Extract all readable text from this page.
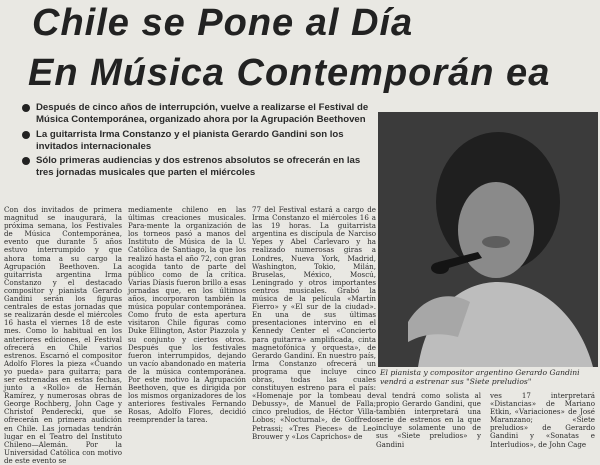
Chile se Pone al Día
En Música Contemporán ea
Después de cinco años de interrupción, vuelve a realizarse el Festival de Música Contemporánea, organizado ahora por la Agrupación Beethoven
La guitarrista Irma Constanzo y el pianista Gerardo Gandini son los invitados internacionales
Sólo primeras audiencias y dos estrenos absolutos se ofrecerán en las tres jornadas musicales que parten el miércoles

Con dos invitados de primera magnitud se inaugurará, la próxima semana, los Festivales de Música Contemporánea, evento que durante 5 años estuvo interrumpido y que ahora toma a su cargo la Agrupación Beethoven. La guitarrista argentina Irma Constanzo y el destacado compositor y pianista Gerardo Gandini serán los figuras centrales de estas jornadas que se realizarán desde el miércoles 16 hasta el viernes 18 de este mes. Como lo habitual en los anteriores ediciones, el Festival ofrecerá en Chile varios estrenos. Escarnó el compositor Adolfo Flores la pieza «Cuando yo pueda» para guitarra; para ser estrenadas en estas fechas, junto a «Rollo» de Hernán Ramírez, y numerosas obras de George Rochberg, John Cage y Christof Penderecki, que se ofrecerán en primera audición en Chile. Las jornadas tendrán lugar en el Teatro del Instituto Chileno—Alemán. Por la Universidad Católica con motivo de este evento se

mediamente chileno en las últimas creaciones musicales. Para-mente la organización de los torneos pasó a manos del Instituto de Música de la U. Católica de Santiago, la que los realizó hasta el año 72, con gran acogida tanto de parte del público como de la crítica. Varias Díasis fueron brillo a esas jornadas que, en los últimos años, incorporaron también la música popular contemporánea. Como fruto de esta apertura visitaron Chile figuras como Duke Ellington, Astor Piazzola y su conjunto y ciertos otros. Después que los festivales fueron interrumpidos, dejando un vacío abandonado en materia de la música contemporánea. Por este motivo la Agrupación Beethoven, que es dirigida por los mismos organizadores de los anteriores festivales Fernando Rosas, Adolfo Flores, decidió reemprender la tarea.

77 del Festival estará a cargo de Irma Constanzo el miércoles 16 a las 19 horas. La guitarrista argentina es discípula de Narciso Yepes y Abel Carlevaro y ha realizado numerosas giras a Londres, Nueva York, Madrid, Washington, Tokio, Milán, Bruselas, México, Moscú, Leningrado y otros importantes centros musicales. Grabó la música de la película «Martín Fierro» y «El sur de la ciudad». En una de sus últimas presentaciones intervino en el Kennedy Center el «Concierto para guitarra» amplificada, cinta magnetofónica y orquesta», de Gerardo Gandini. En nuestro país, Irma Constanzo ofrecerá un programa que incluye cinco obras, todas las cuales constituyen estreno para el país: «Homenaje por la tombeau de Debussy», de Manuel de Falla; cinco preludios, de Héctor Villa-Lobos; «Nocturnal», de Goffredo Petrassi; «Tres Pieces» de Leo Brouwer y «Los Caprichos» de

El pianista y compositor argentino Gerardo Gandini vendrá a estrenar sus "Siete preludios"

val tendrá como solista al propio Gerardo Gandini, que también interpretará una serie de estrenos en la que incluye solamente uno de sus «Siete preludios» y Gandini

ves 17 interpretará «Distancias» de Mariano Etkin, «Variaciones» de José Maranzano; «Siete preludios» de Gerardo Gandini y «Sonatas e Interludios», de John Cage
